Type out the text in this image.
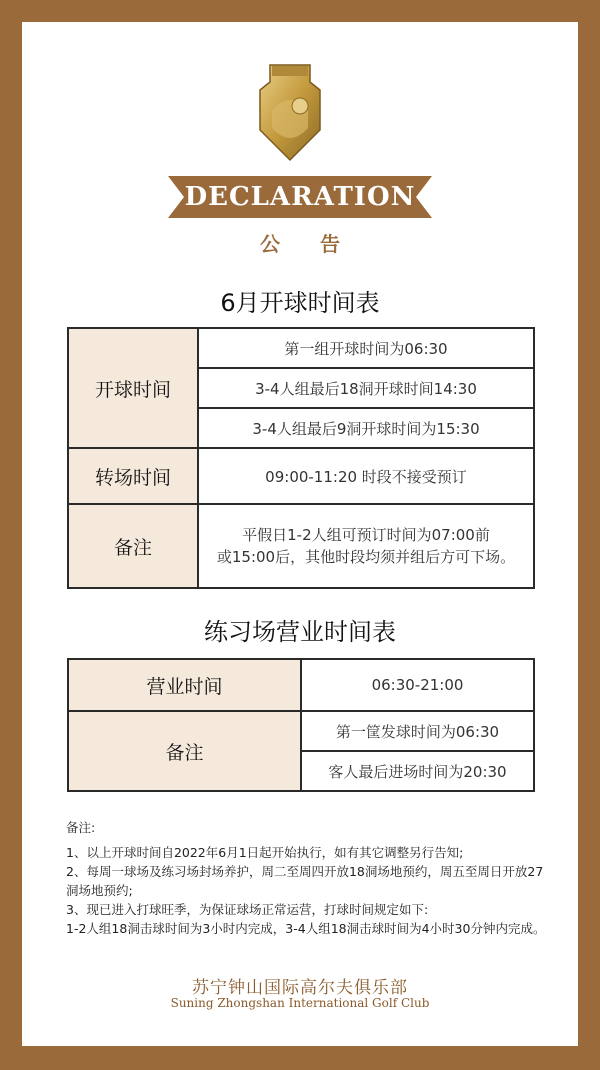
DECLARATION
公告
6月开球时间表
开球时间	第一组开球时间为06:30
	3-4人组最后18洞开球时间14:30
	3-4人组最后9洞开球时间为15:30
转场时间	09:00-11:20 时段不接受预订
备注	平假日1-2人组可预订时间为07:00前
或15:00后，其他时段均须并组后方可下场。
练习场营业时间表
营业时间	06:30-21:00
备注	第一筐发球时间为06:30
	客人最后进场时间为20:30
备注:
1、以上开球时间自2022年6月1日起开始执行，如有其它调整另行告知;
2、每周一球场及练习场封场养护，周二至周四开放18洞场地预约，周五至周日开放27洞场地预约;
3、现已进入打球旺季，为保证球场正常运营，打球时间规定如下:
1-2人组18洞击球时间为3小时内完成，3-4人组18洞击球时间为4小时30分钟内完成。
苏宁钟山国际高尔夫俱乐部
Suning Zhongshan International Golf Club
